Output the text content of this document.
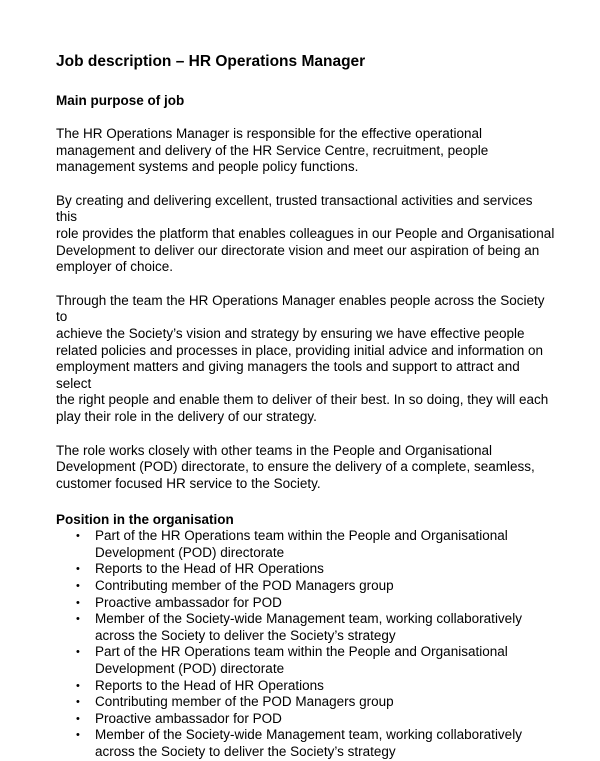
Job description – HR Operations Manager
Main purpose of job

The HR Operations Manager is responsible for the effective operational
management and delivery of the HR Service Centre, recruitment, people
management systems and people policy functions.

By creating and delivering excellent, trusted transactional activities and services this
role provides the platform that enables colleagues in our People and Organisational
Development to deliver our directorate vision and meet our aspiration of being an
employer of choice.

Through the team the HR Operations Manager enables people across the Society to
achieve the Society’s vision and strategy by ensuring we have effective people
related policies and processes in place, providing initial advice and information on
employment matters and giving managers the tools and support to attract and select
the right people and enable them to deliver of their best. In so doing, they will each
play their role in the delivery of our strategy.

The role works closely with other teams in the People and Organisational
Development (POD) directorate, to ensure the delivery of a complete, seamless,
customer focused HR service to the Society.

Position in the organisation
• Part of the HR Operations team within the People and Organisational
Development (POD) directorate
• Reports to the Head of HR Operations
• Contributing member of the POD Managers group
• Proactive ambassador for POD
• Member of the Society-wide Management team, working collaboratively
across the Society to deliver the Society’s strategy
• Part of the HR Operations team within the People and Organisational
Development (POD) directorate
• Reports to the Head of HR Operations
• Contributing member of the POD Managers group
• Proactive ambassador for POD
• Member of the Society-wide Management team, working collaboratively
across the Society to deliver the Society’s strategy
